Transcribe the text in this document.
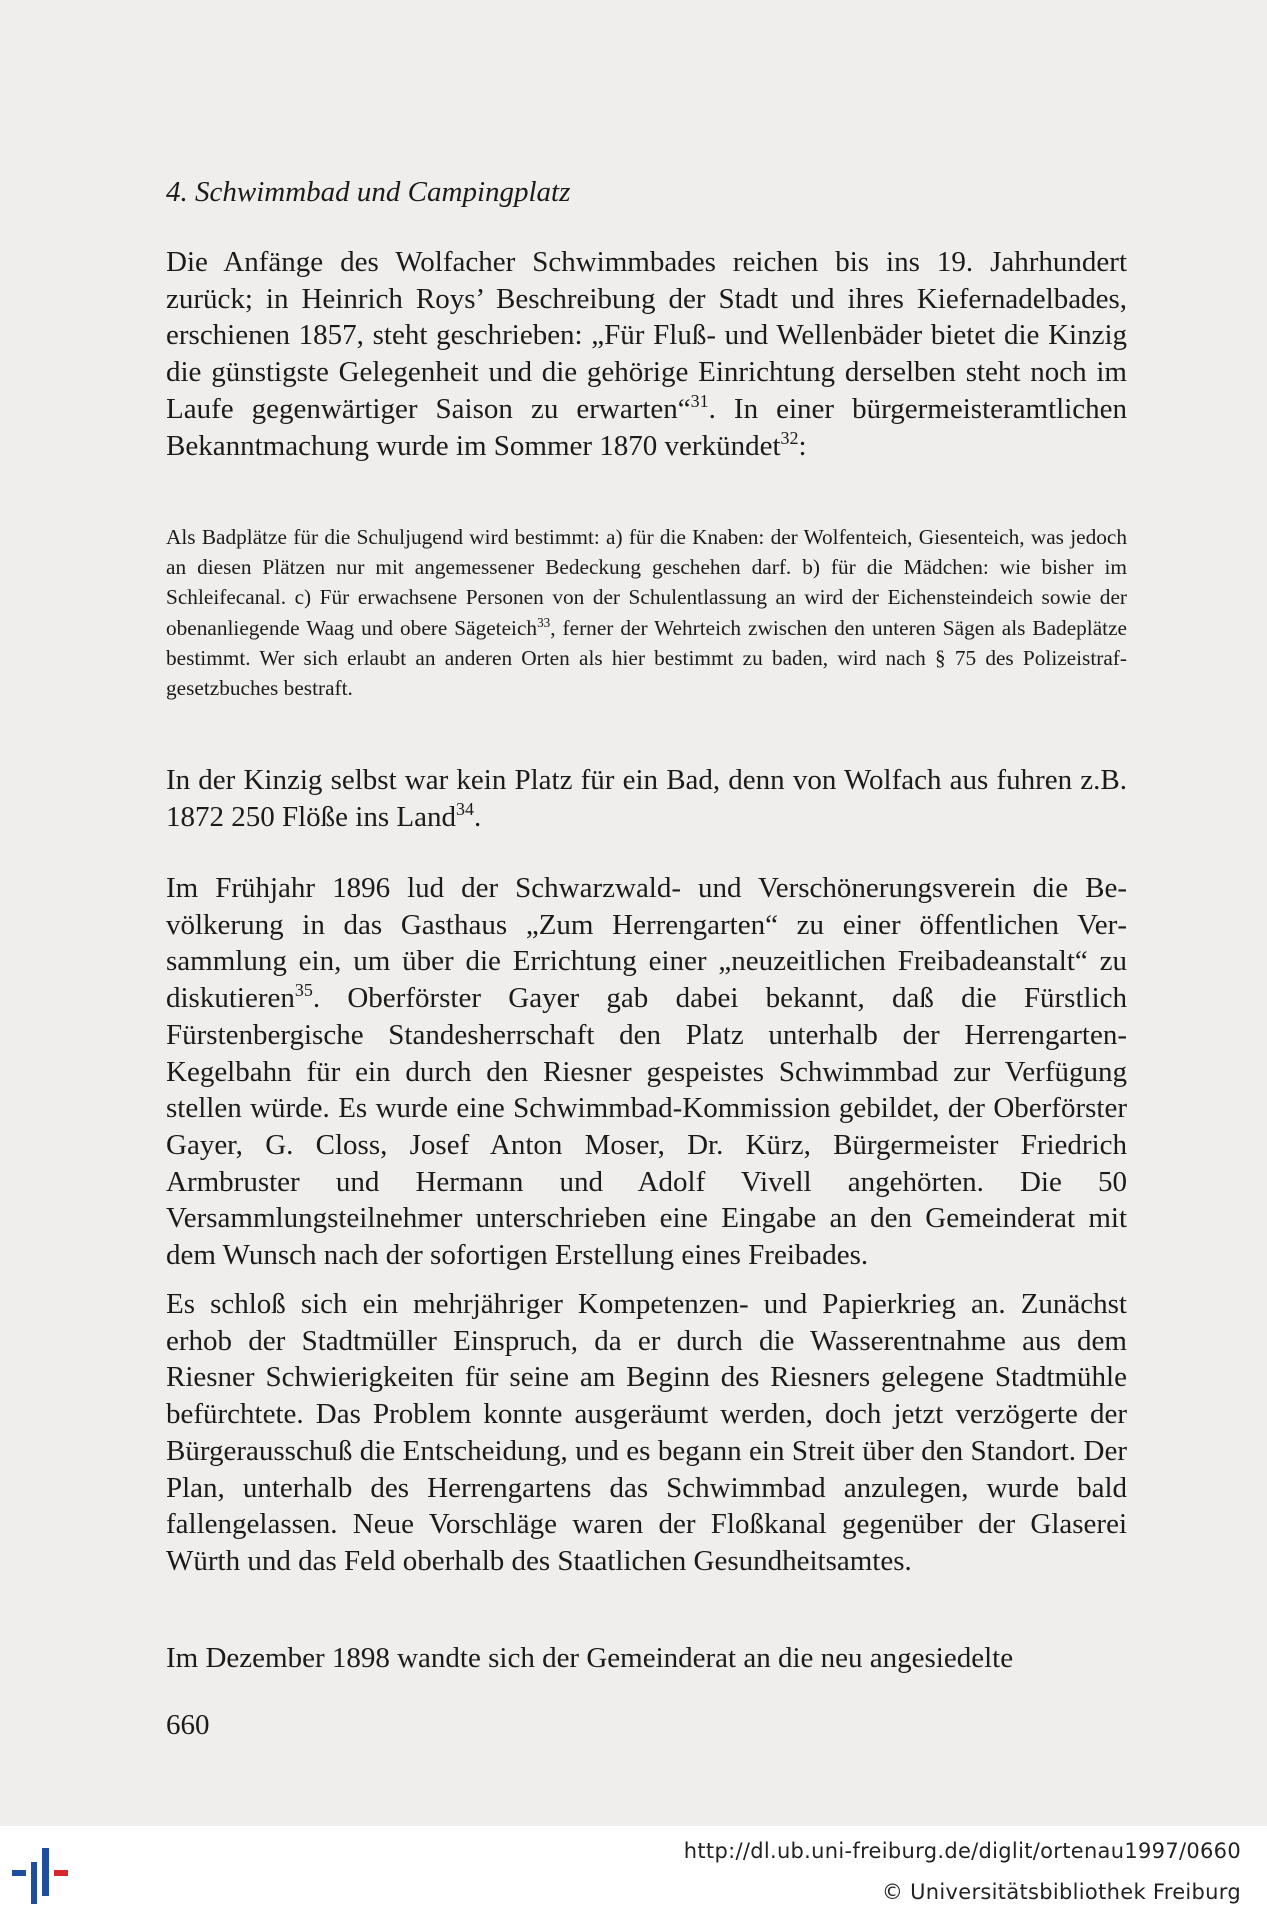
4. Schwimmbad und Campingplatz

Die Anfänge des Wolfacher Schwimmbades reichen bis ins 19. Jahrhundert zurück; in Heinrich Roys’ Beschreibung der Stadt und ihres Kiefernadelbades, erschienen 1857, steht geschrieben: „Für Fluß- und Wellenbäder bietet die Kinzig die günstigste Gelegenheit und die gehörige Einrichtung derselben steht noch im Laufe gegenwärtiger Saison zu erwarten“$^{31}$. In einer bürgermeisteramtlichen Bekanntmachung wurde im Sommer 1870 verkündet$^{32}$:

Als Badplätze für die Schuljugend wird bestimmt: a) für die Knaben: der Wolfenteich, Giesenteich, was jedoch an diesen Plätzen nur mit angemessener Bedeckung geschehen darf. b) für die Mädchen: wie bisher im Schleifecanal. c) Für erwachsene Personen von der Schulentlassung an wird der Eichensteindeich sowie der obenanliegende Waag und obere Sägeteich$^{33}$, ferner der Wehrteich zwischen den unteren Sägen als Badeplätze bestimmt. Wer sich erlaubt an anderen Orten als hier bestimmt zu baden, wird nach § 75 des Polizeistrafgesetzbuches bestraft.

In der Kinzig selbst war kein Platz für ein Bad, denn von Wolfach aus fuhren z.B. 1872 250 Flöße ins Land$^{34}$.

Im Frühjahr 1896 lud der Schwarzwald- und Verschönerungsverein die Bevölkerung in das Gasthaus „Zum Herrengarten“ zu einer öffentlichen Versammlung ein, um über die Errichtung einer „neuzeitlichen Freibadeanstalt“ zu diskutieren$^{35}$. Oberförster Gayer gab dabei bekannt, daß die Fürstlich Fürstenbergische Standesherrschaft den Platz unterhalb der Herrengarten-Kegelbahn für ein durch den Riesner gespeistes Schwimmbad zur Verfügung stellen würde. Es wurde eine Schwimmbad-Kommission gebildet, der Oberförster Gayer, G. Closs, Josef Anton Moser, Dr. Kürz, Bürgermeister Friedrich Armbruster und Hermann und Adolf Vivell angehörten. Die 50 Versammlungsteilnehmer unterschrieben eine Eingabe an den Gemeinderat mit dem Wunsch nach der sofortigen Erstellung eines Freibades.

Es schloß sich ein mehrjähriger Kompetenzen- und Papierkrieg an. Zunächst erhob der Stadtmüller Einspruch, da er durch die Wasserentnahme aus dem Riesner Schwierigkeiten für seine am Beginn des Riesners gelegene Stadtmühle befürchtete. Das Problem konnte ausgeräumt werden, doch jetzt verzögerte der Bürgerausschuß die Entscheidung, und es begann ein Streit über den Standort. Der Plan, unterhalb des Herrengartens das Schwimmbad anzulegen, wurde bald fallengelassen. Neue Vorschläge waren der Floßkanal gegenüber der Glaserei Würth und das Feld oberhalb des Staatlichen Gesundheitsamtes.

Im Dezember 1898 wandte sich der Gemeinderat an die neu angesiedelte

660
http://dl.ub.uni-freiburg.de/diglit/ortenau1997/0660
© Universitätsbibliothek Freiburg
